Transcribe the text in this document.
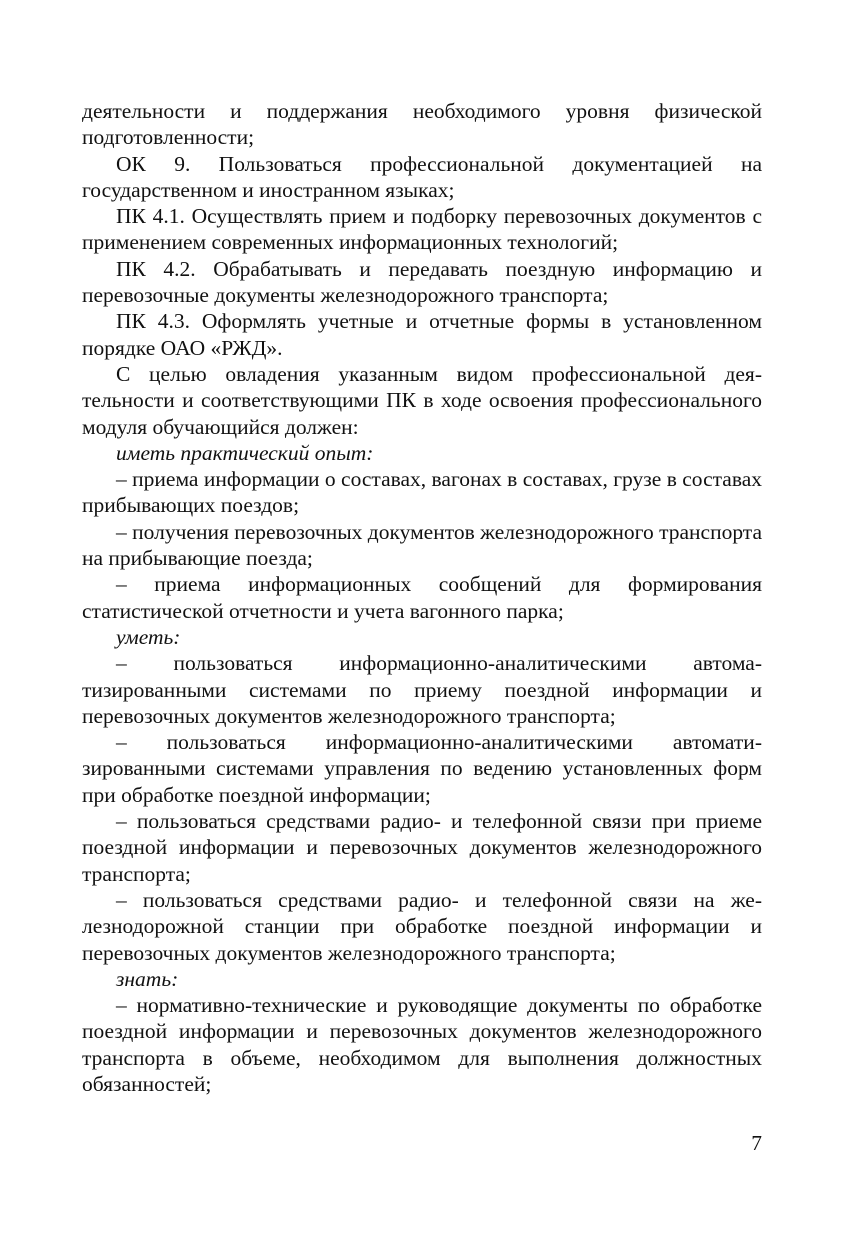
деятельности и поддержания необходимого уровня физической подготовленности;

ОК 9. Пользоваться профессиональной документацией на государственном и иностранном языках;

ПК 4.1. Осуществлять прием и подборку перевозочных документов с применением современных информационных технологий;

ПК 4.2. Обрабатывать и передавать поездную информацию и перевозочные документы железнодорожного транспорта;

ПК 4.3. Оформлять учетные и отчетные формы в установленном порядке ОАО «РЖД».

С целью овладения указанным видом профессиональной деятельности и соответствующими ПК в ходе освоения профессионального модуля обучающийся должен:

иметь практический опыт:

– приема информации о составах, вагонах в составах, грузе в составах прибывающих поездов;

– получения перевозочных документов железнодорожного транспорта на прибывающие поезда;

– приема информационных сообщений для формирования статистической отчетности и учета вагонного парка;

уметь:

– пользоваться информационно-аналитическими автоматизированными системами по приему поездной информации и перевозочных документов железнодорожного транспорта;

– пользоваться информационно-аналитическими автоматизированными системами управления по ведению установленных форм при обработке поездной информации;

– пользоваться средствами радио- и телефонной связи при приеме поездной информации и перевозочных документов железнодорожного транспорта;

– пользоваться средствами радио- и телефонной связи на железнодорожной станции при обработке поездной информации и перевозочных документов железнодорожного транспорта;

знать:

– нормативно-технические и руководящие документы по обработке поездной информации и перевозочных документов железнодорожного транспорта в объеме, необходимом для выполнения должностных обязанностей;

7
